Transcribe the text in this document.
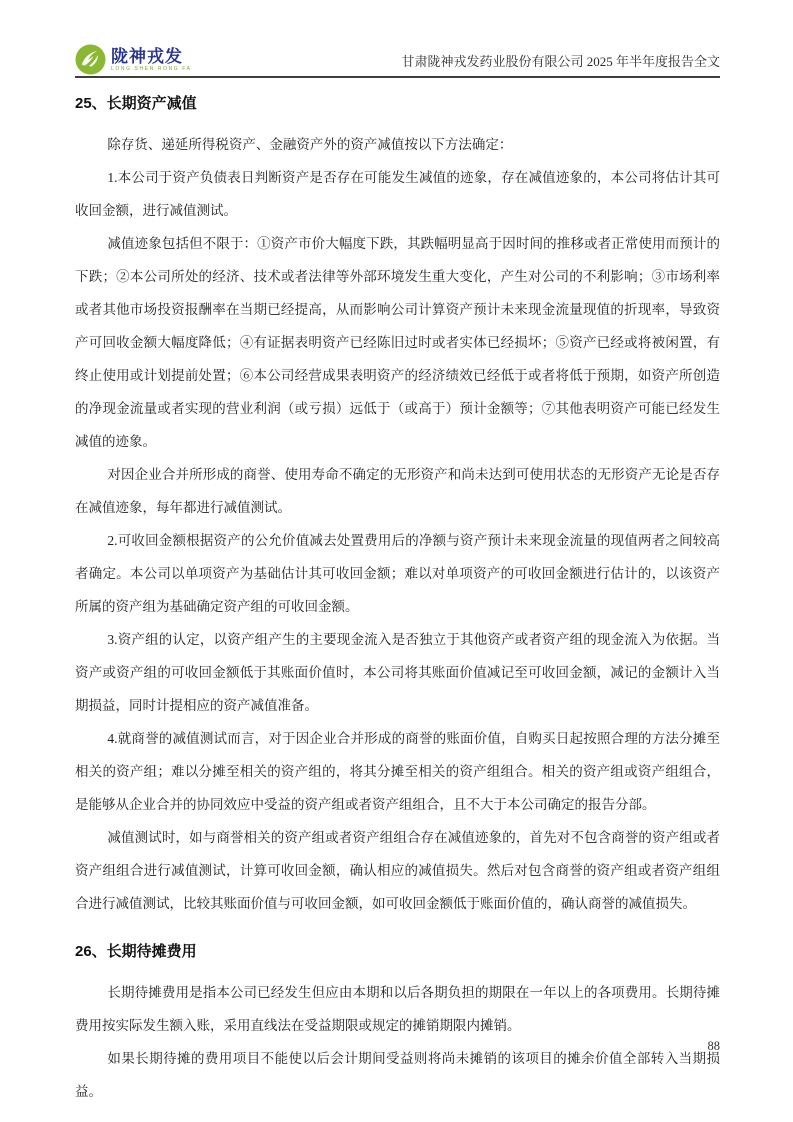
陇神戎发
LONG SHEN RONG FA	甘肃陇神戎发药业股份有限公司 2025 年半年度报告全文
25、长期资产减值

除存货、递延所得税资产、金融资产外的资产减值按以下方法确定：

1.本公司于资产负债表日判断资产是否存在可能发生减值的迹象，存在减值迹象的，本公司将估计其可收回金额，进行减值测试。

减值迹象包括但不限于：①资产市价大幅度下跌，其跌幅明显高于因时间的推移或者正常使用而预计的下跌；②本公司所处的经济、技术或者法律等外部环境发生重大变化，产生对公司的不利影响；③市场利率或者其他市场投资报酬率在当期已经提高，从而影响公司计算资产预计未来现金流量现值的折现率，导致资产可回收金额大幅度降低；④有证据表明资产已经陈旧过时或者实体已经损坏；⑤资产已经或将被闲置，有终止使用或计划提前处置；⑥本公司经营成果表明资产的经济绩效已经低于或者将低于预期，如资产所创造的净现金流量或者实现的营业利润（或亏损）远低于（或高于）预计金额等；⑦其他表明资产可能已经发生减值的迹象。

对因企业合并所形成的商誉、使用寿命不确定的无形资产和尚未达到可使用状态的无形资产无论是否存在减值迹象，每年都进行减值测试。

2.可收回金额根据资产的公允价值减去处置费用后的净额与资产预计未来现金流量的现值两者之间较高者确定。本公司以单项资产为基础估计其可收回金额；难以对单项资产的可收回金额进行估计的，以该资产所属的资产组为基础确定资产组的可收回金额。

3.资产组的认定，以资产组产生的主要现金流入是否独立于其他资产或者资产组的现金流入为依据。当资产或资产组的可收回金额低于其账面价值时，本公司将其账面价值减记至可收回金额，减记的金额计入当期损益，同时计提相应的资产减值准备。

4.就商誉的减值测试而言，对于因企业合并形成的商誉的账面价值，自购买日起按照合理的方法分摊至相关的资产组；难以分摊至相关的资产组的，将其分摊至相关的资产组组合。相关的资产组或资产组组合，是能够从企业合并的协同效应中受益的资产组或者资产组组合，且不大于本公司确定的报告分部。

减值测试时，如与商誉相关的资产组或者资产组组合存在减值迹象的，首先对不包含商誉的资产组或者资产组组合进行减值测试，计算可收回金额，确认相应的减值损失。然后对包含商誉的资产组或者资产组组合进行减值测试，比较其账面价值与可收回金额，如可收回金额低于账面价值的，确认商誉的减值损失。

26、长期待摊费用

长期待摊费用是指本公司已经发生但应由本期和以后各期负担的期限在一年以上的各项费用。长期待摊费用按实际发生额入账，采用直线法在受益期限或规定的摊销期限内摊销。

如果长期待摊的费用项目不能使以后会计期间受益则将尚未摊销的该项目的摊余价值全部转入当期损益。

88
